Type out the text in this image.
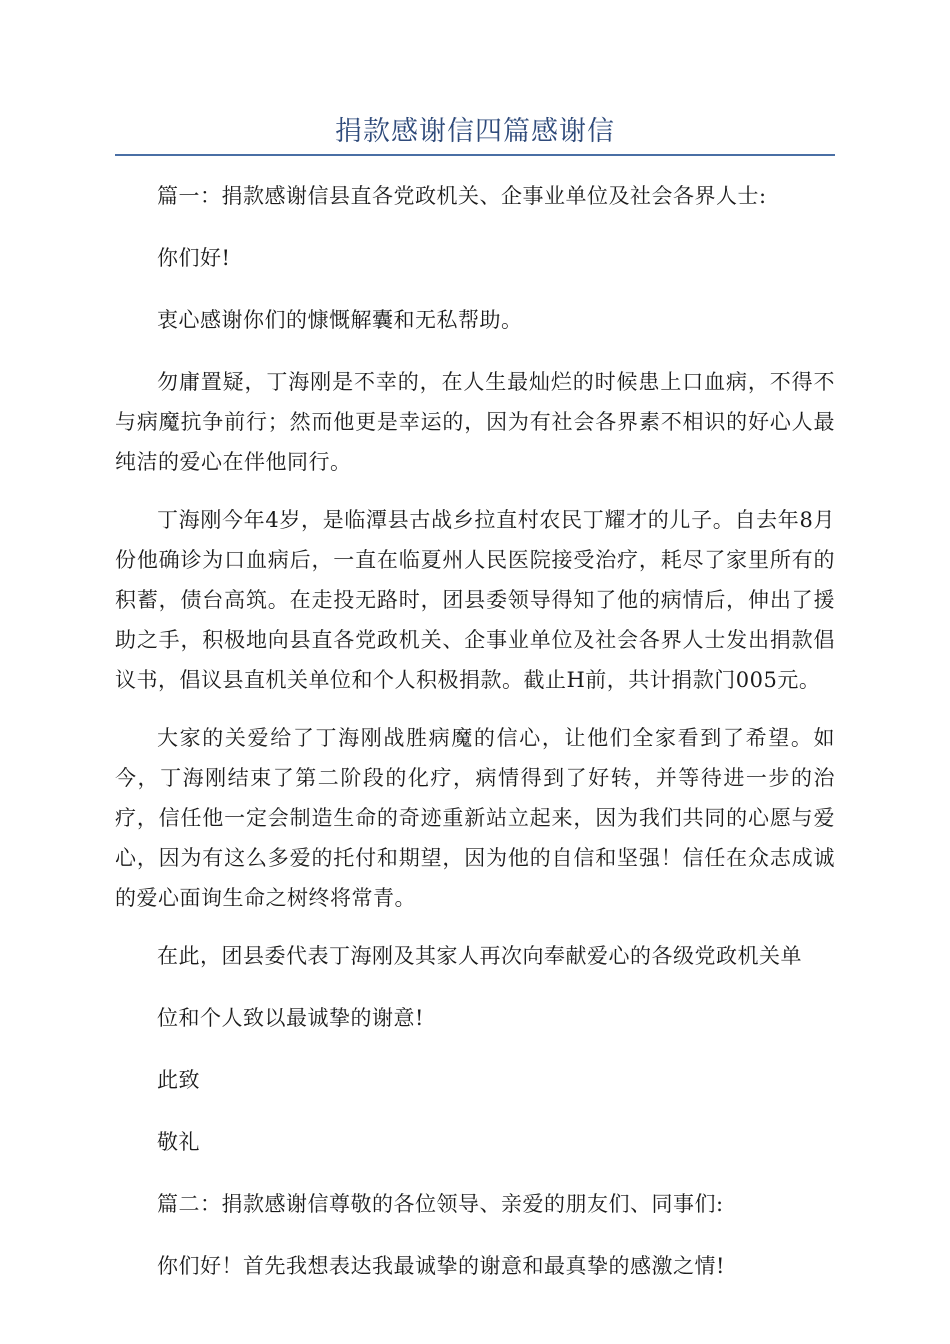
捐款感谢信四篇感谢信

篇一：捐款感谢信县直各党政机关、企事业单位及社会各界人士:

你们好!

衷心感谢你们的慷慨解囊和无私帮助。

勿庸置疑，丁海刚是不幸的，在人生最灿烂的时候患上口血病，不得不与病魔抗争前行；然而他更是幸运的，因为有社会各界素不相识的好心人最纯洁的爱心在伴他同行。

丁海刚今年4岁，是临潭县古战乡拉直村农民丁耀才的儿子。自去年8月份他确诊为口血病后，一直在临夏州人民医院接受治疗，耗尽了家里所有的积蓄，债台高筑。在走投无路时，团县委领导得知了他的病情后，伸出了援助之手，积极地向县直各党政机关、企事业单位及社会各界人士发出捐款倡议书，倡议县直机关单位和个人积极捐款。截止H前，共计捐款门005元。

大家的关爱给了丁海刚战胜病魔的信心，让他们全家看到了希望。如今，丁海刚结束了第二阶段的化疗，病情得到了好转，并等待进一步的治疗，信任他一定会制造生命的奇迹重新站立起来，因为我们共同的心愿与爱心，因为有这么多爱的托付和期望，因为他的自信和坚强！信任在众志成诚的爱心面询生命之树终将常青。

在此，团县委代表丁海刚及其家人再次向奉献爱心的各级党政机关单

位和个人致以最诚挚的谢意!

此致

敬礼

篇二：捐款感谢信尊敬的各位领导、亲爱的朋友们、同事们:

你们好！首先我想表达我最诚挚的谢意和最真挚的感激之情!
